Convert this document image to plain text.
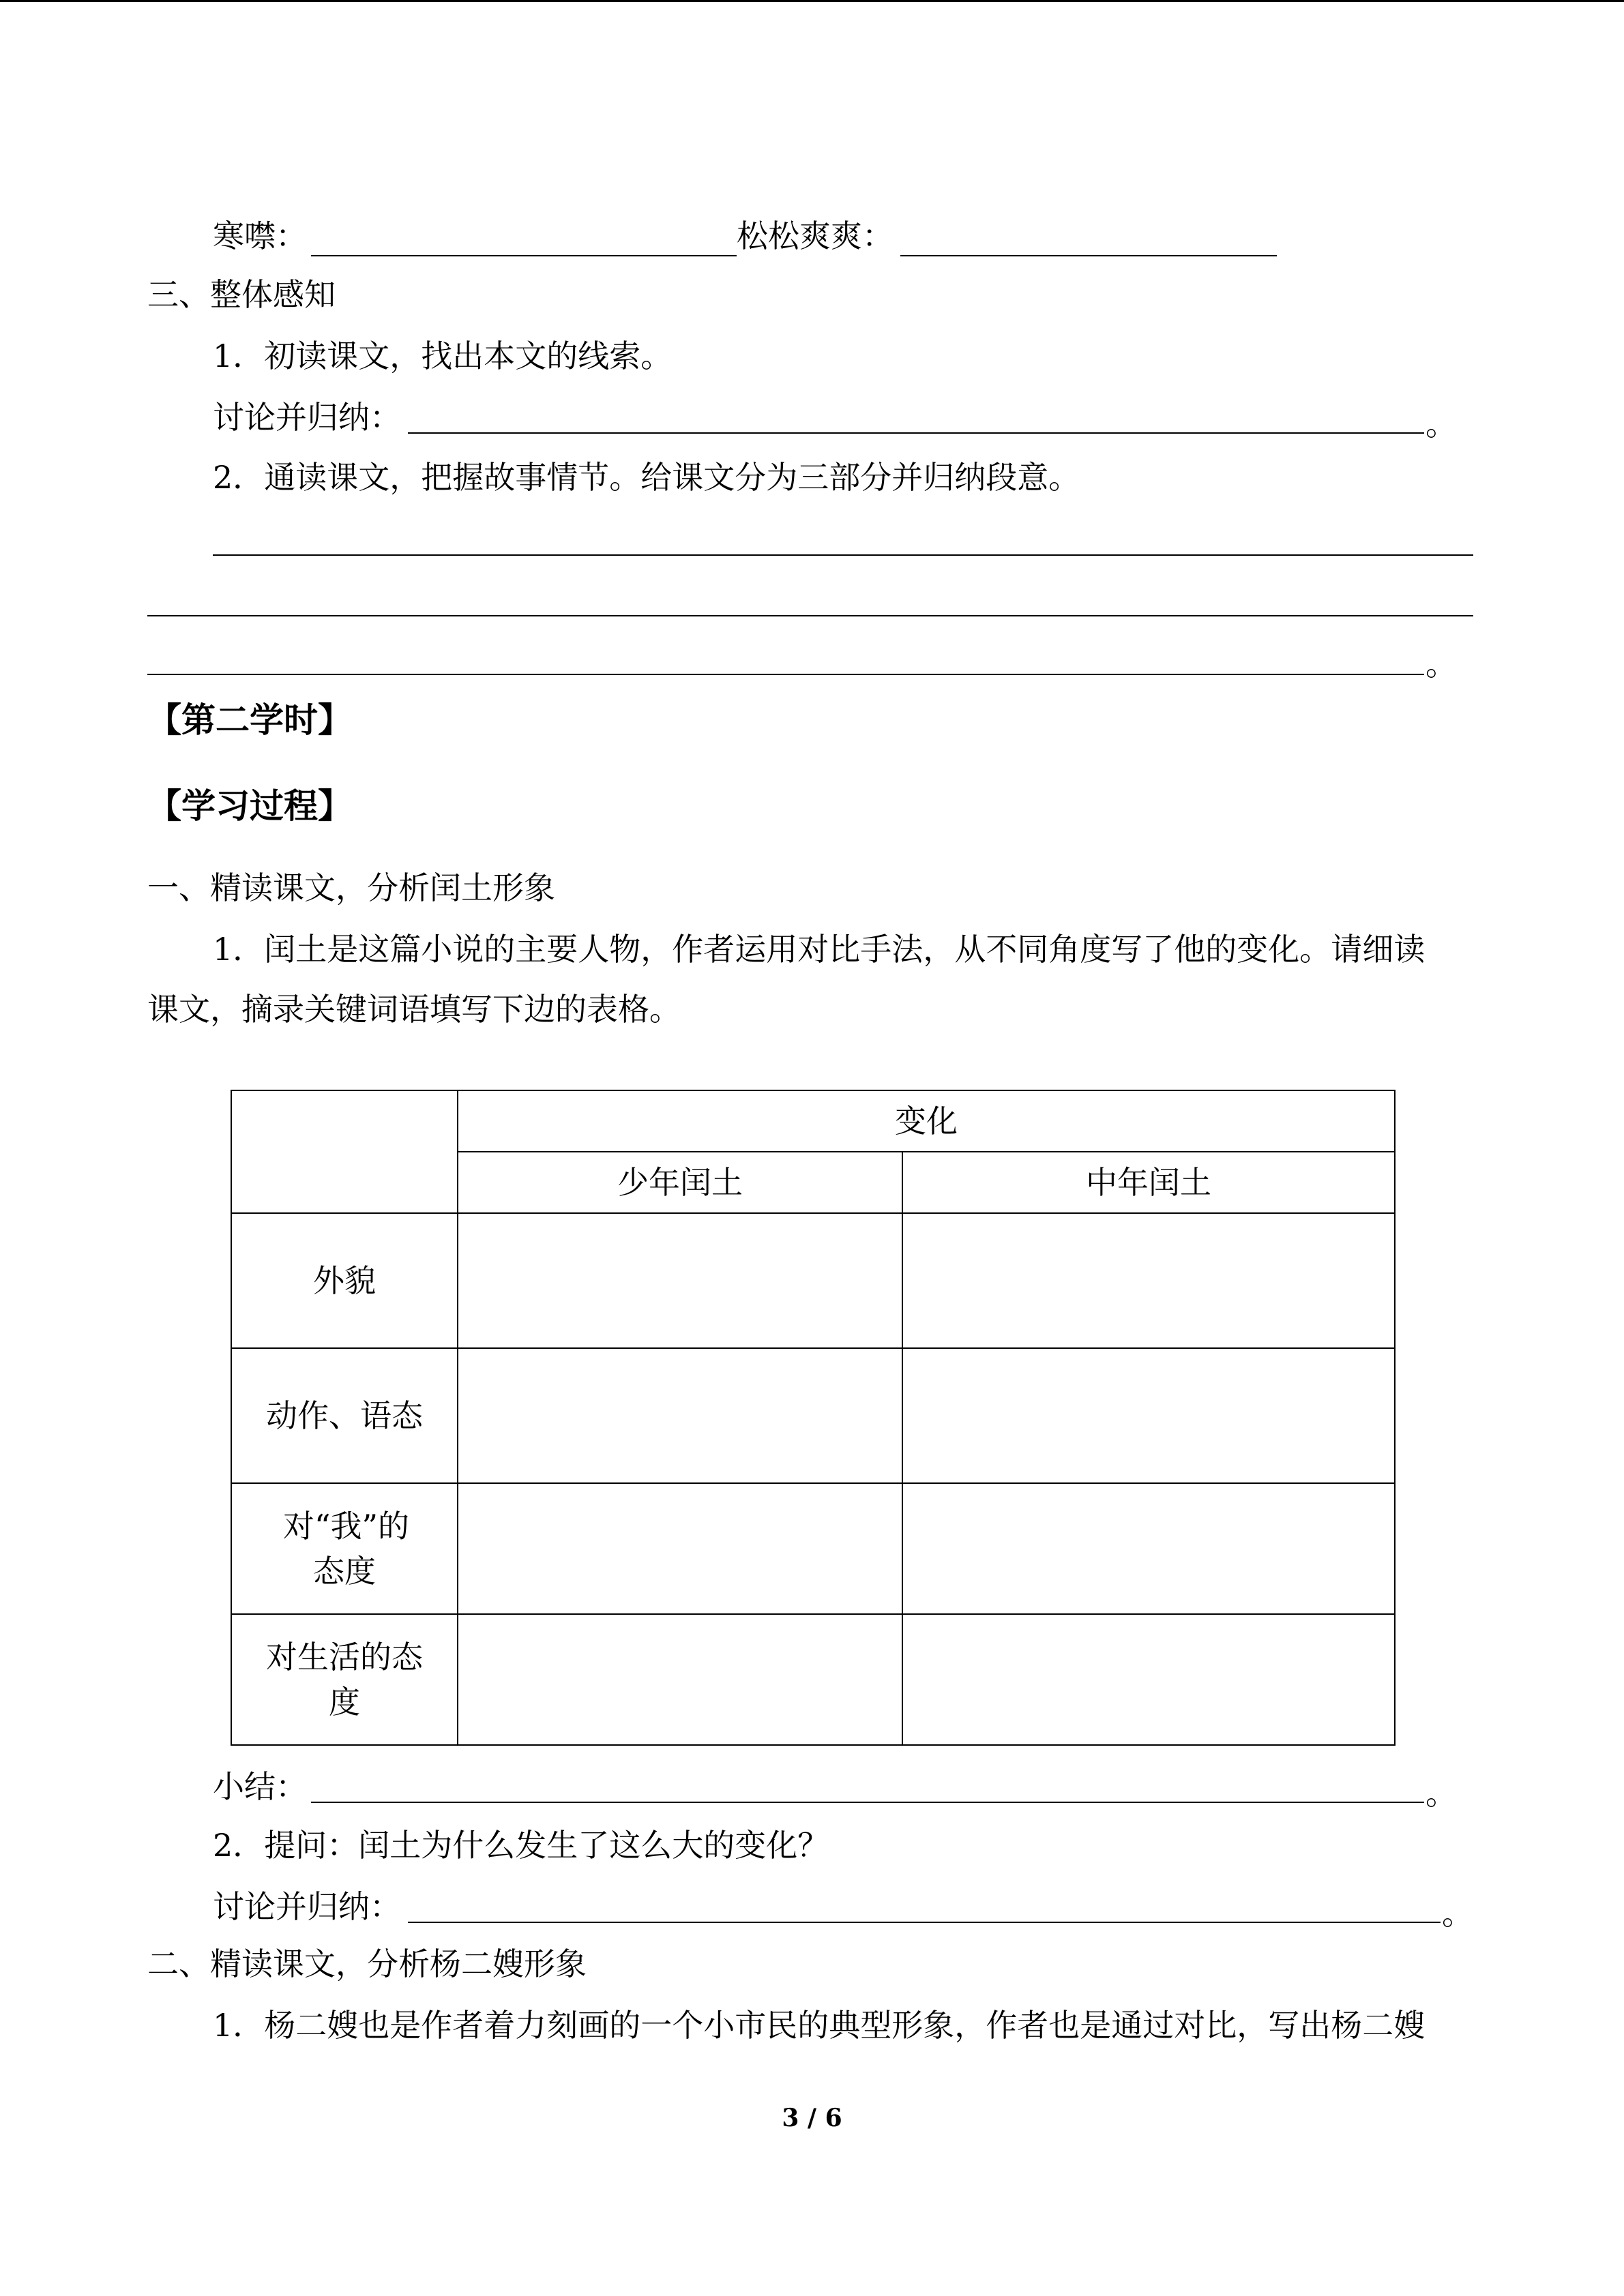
寒噤：	松松爽爽：
三、整体感知
1．初读课文，找出本文的线索。
讨论并归纳：	。
2．通读课文，把握故事情节。给课文分为三部分并归纳段意。
。
【第二学时】
【学习过程】
一、精读课文，分析闰土形象
1．闰土是这篇小说的主要人物，作者运用对比手法，从不同角度写了他的变化。请细读
课文，摘录关键词语填写下边的表格。
	变化	
	少年闰土	中年闰土
外貌		
动作、语态		

对“我”的态度		

对生活的态度		

小结：	。
2．提问：闰土为什么发生了这么大的变化？
讨论并归纳：	。
二、精读课文，分析杨二嫂形象
1．杨二嫂也是作者着力刻画的一个小市民的典型形象，作者也是通过对比，写出杨二嫂
3 / 6
